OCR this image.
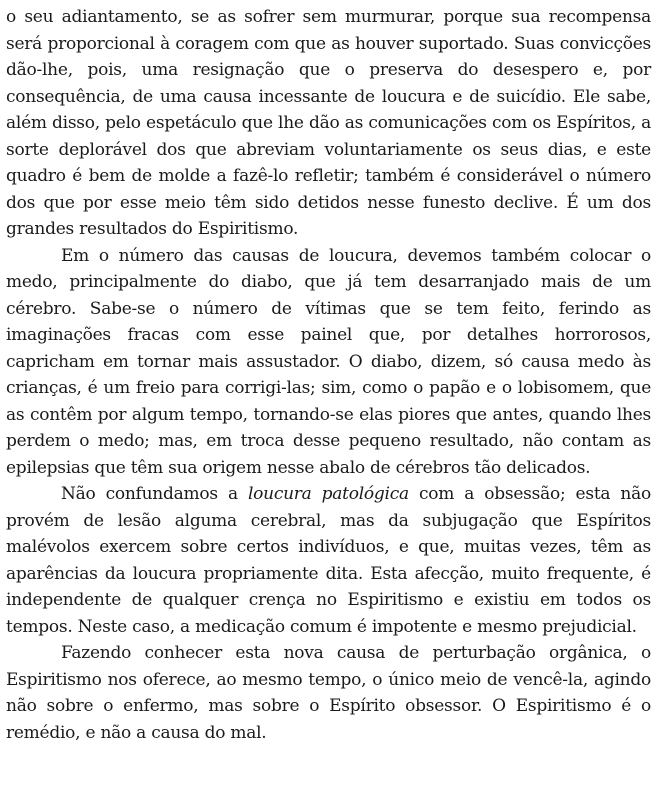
o seu adiantamento, se as sofrer sem murmurar, porque sua recompensa será proporcional à coragem com que as houver suportado. Suas convicções dão-lhe, pois, uma resignação que o preserva do desespero e, por consequência, de uma causa incessante de loucura e de suicídio. Ele sabe, além disso, pelo espetáculo que lhe dão as comunicações com os Espíritos, a sorte deplorável dos que abreviam voluntariamente os seus dias, e este quadro é bem de molde a fazê-lo refletir; também é considerável o número dos que por esse meio têm sido detidos nesse funesto declive. É um dos grandes resultados do Espiritismo.

Em o número das causas de loucura, devemos também colocar o medo, principalmente do diabo, que já tem desarranjado mais de um cérebro. Sabe-se o número de vítimas que se tem feito, ferindo as imaginações fracas com esse painel que, por detalhes horrorosos, capricham em tornar mais assustador. O diabo, dizem, só causa medo às crianças, é um freio para corrigi-las; sim, como o papão e o lobisomem, que as contêm por algum tempo, tornando-se elas piores que antes, quando lhes perdem o medo; mas, em troca desse pequeno resultado, não contam as epilepsias que têm sua origem nesse abalo de cérebros tão delicados.

Não confundamos a loucura patológica com a obsessão; esta não provém de lesão alguma cerebral, mas da subjugação que Espíritos malévolos exercem sobre certos indivíduos, e que, muitas vezes, têm as aparências da loucura propriamente dita. Esta afecção, muito frequente, é independente de qualquer crença no Espiritismo e existiu em todos os tempos. Neste caso, a medicação comum é impotente e mesmo prejudicial.

Fazendo conhecer esta nova causa de perturbação orgânica, o Espiritismo nos oferece, ao mesmo tempo, o único meio de vencê-la, agindo não sobre o enfermo, mas sobre o Espírito obsessor. O Espiritismo é o remédio, e não a causa do mal.
